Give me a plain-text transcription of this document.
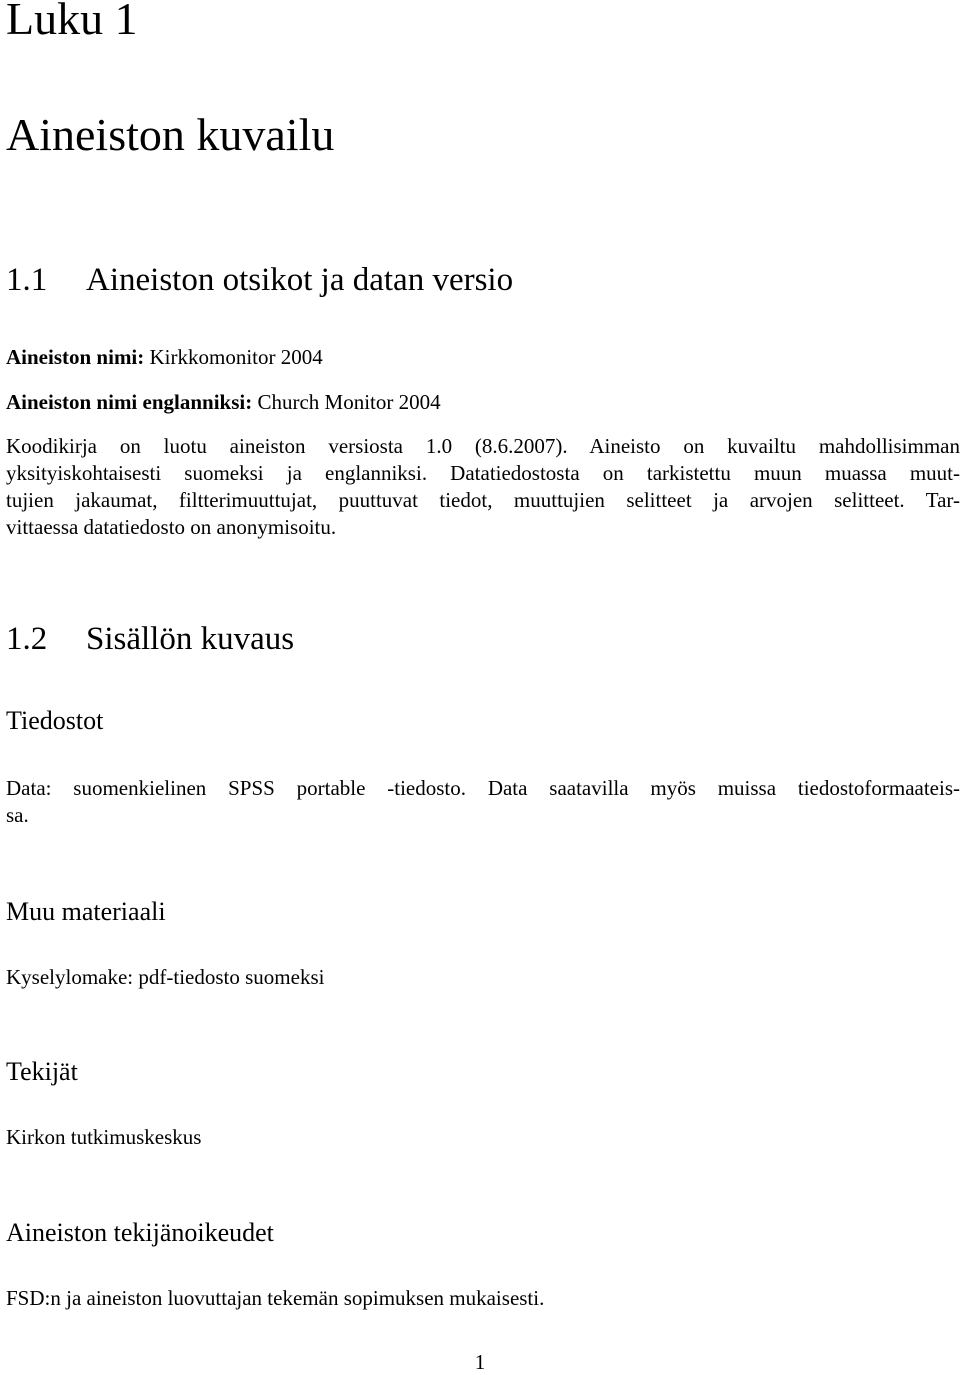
Luku 1
Aineiston kuvailu
1.1 Aineiston otsikot ja datan versio
Aineiston nimi: Kirkkomonitor 2004
Aineiston nimi englanniksi: Church Monitor 2004
Koodikirja on luotu aineiston versiosta 1.0 (8.6.2007). Aineisto on kuvailtu mahdollisimman
yksityiskohtaisesti suomeksi ja englanniksi. Datatiedostosta on tarkistettu muun muassa muut-
tujien jakaumat, filtterimuuttujat, puuttuvat tiedot, muuttujien selitteet ja arvojen selitteet. Tar-
vittaessa datatiedosto on anonymisoitu.
1.2 Sisällön kuvaus
Tiedostot
Data: suomenkielinen SPSS portable -tiedosto. Data saatavilla myös muissa tiedostoformaateis-
sa.
Muu materiaali
Kyselylomake: pdf-tiedosto suomeksi
Tekijät
Kirkon tutkimuskeskus
Aineiston tekijänoikeudet
FSD:n ja aineiston luovuttajan tekemän sopimuksen mukaisesti.
1
